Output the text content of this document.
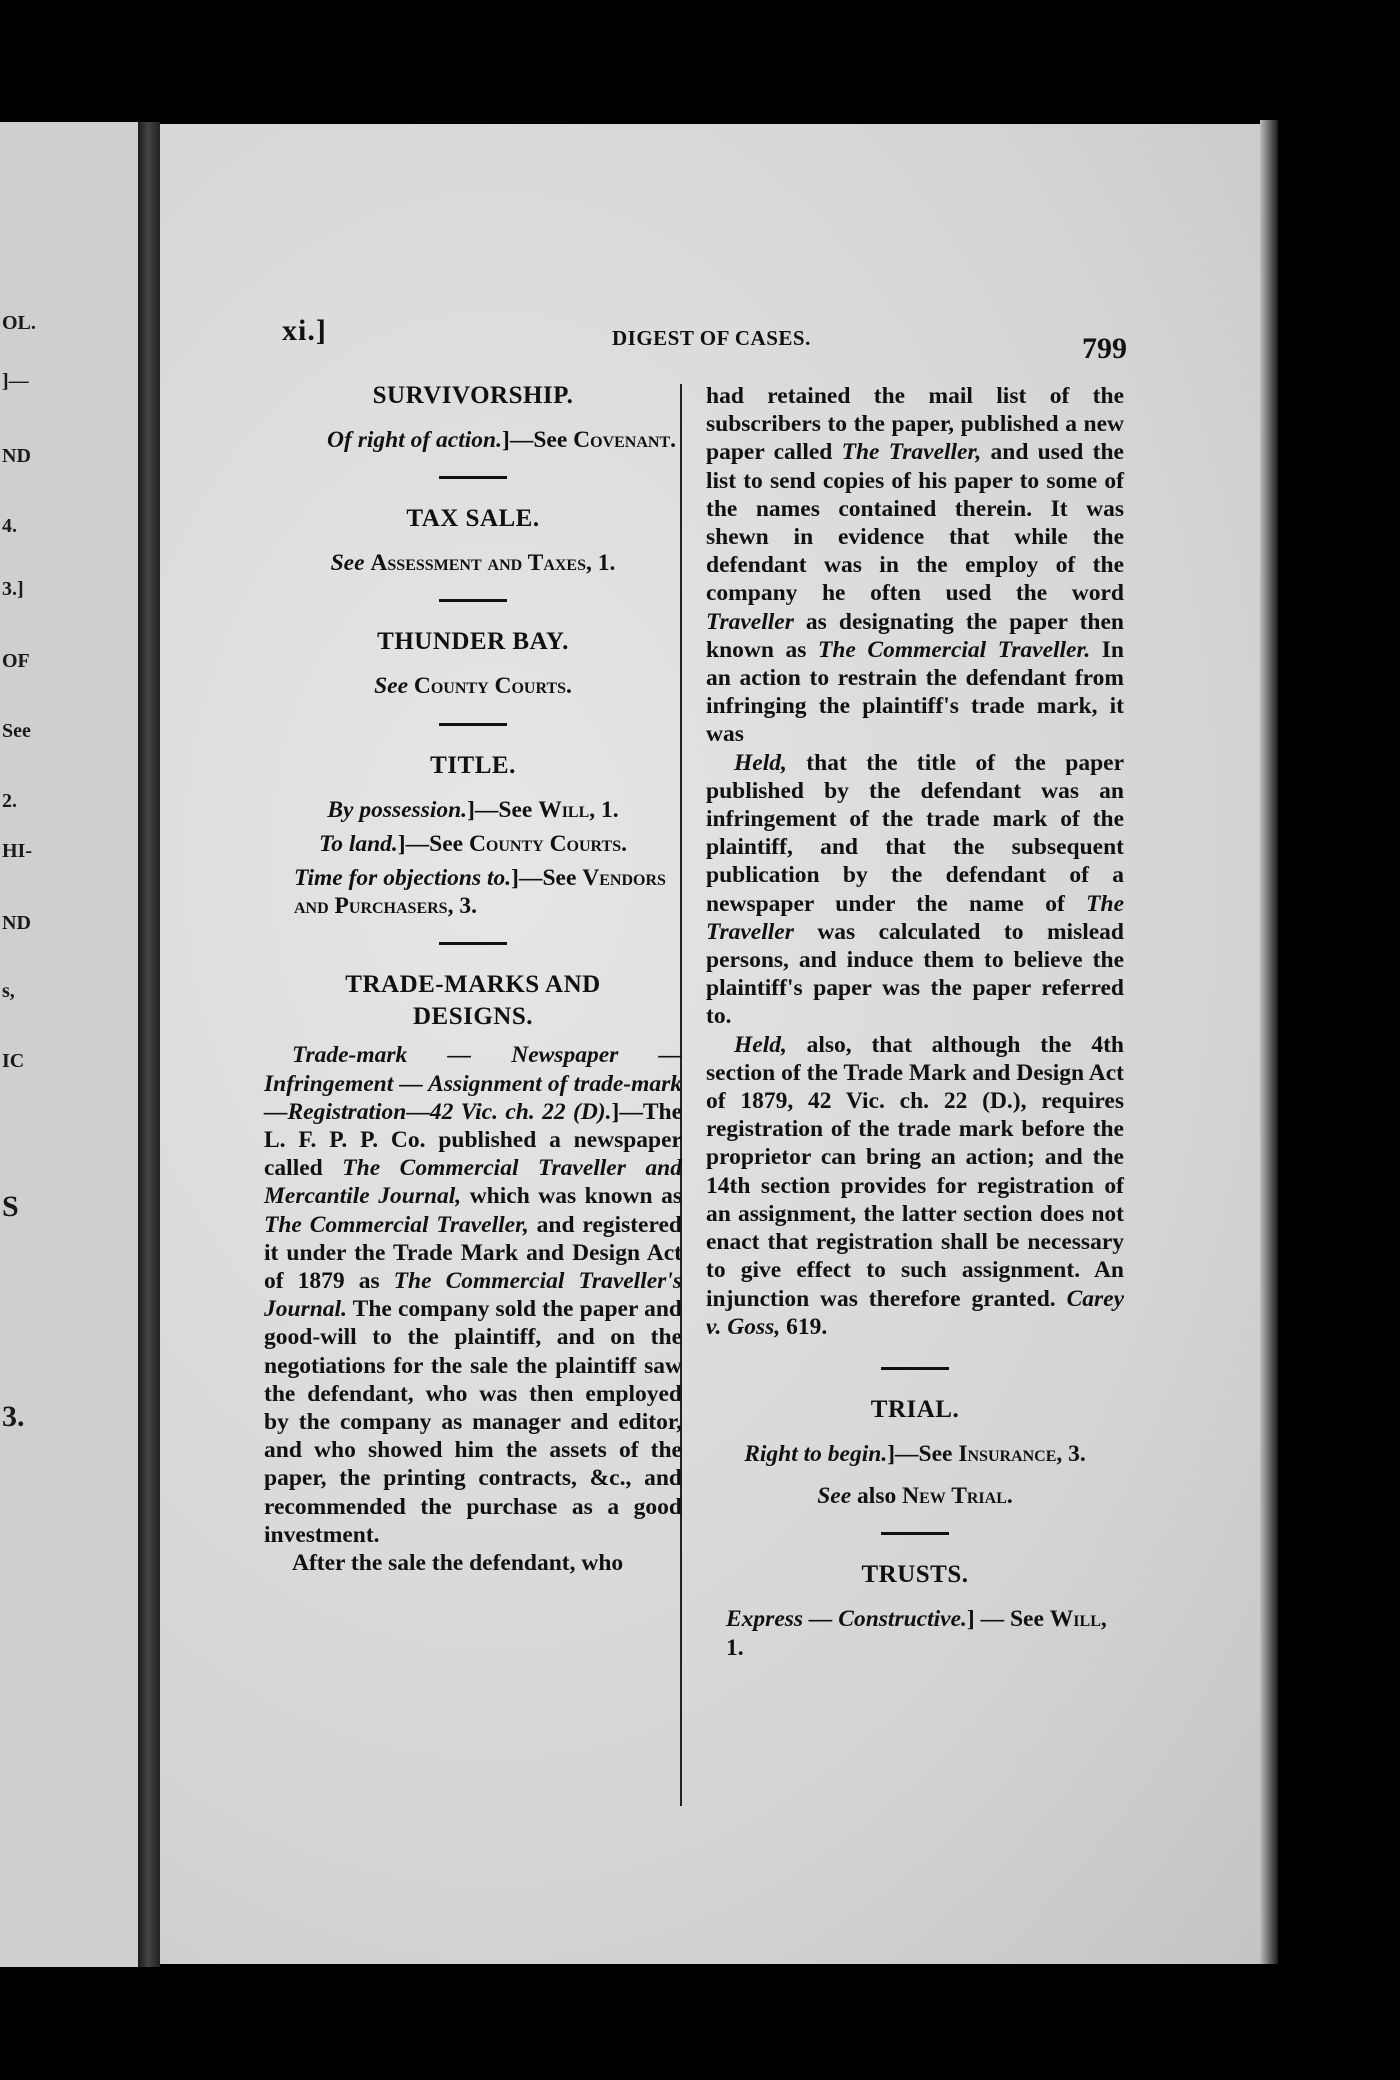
OL.
]—
ND
4.
3.]
OF
See
2.
HI-
ND
s,
IC
S
3.
xi.]	DIGEST OF CASES.	799
SURVIVORSHIP.
Of right of action.]—See Covenant.
TAX SALE.
See Assessment and Taxes, 1.
THUNDER BAY.
See County Courts.
TITLE.
By possession.]—See Will, 1.
To land.]—See County Courts.
Time for objections to.]—See Vendors and Purchasers, 3.
TRADE-MARKS AND
DESIGNS.

Trade-mark — Newspaper — Infringement — Assignment of trade-mark—Registration—42 Vic. ch. 22 (D).]—The L. F. P. P. Co. published a newspaper called The Commercial Traveller and Mercantile Journal, which was known as The Commercial Traveller, and registered it under the Trade Mark and Design Act of 1879 as The Commercial Traveller's Journal. The company sold the paper and good-will to the plaintiff, and on the negotiations for the sale the plaintiff saw the defendant, who was then employed by the company as manager and editor, and who showed him the assets of the paper, the printing contracts, &c., and recommended the purchase as a good investment.

After the sale the defendant, who

had retained the mail list of the subscribers to the paper, published a new paper called The Traveller, and used the list to send copies of his paper to some of the names contained therein. It was shewn in evidence that while the defendant was in the employ of the company he often used the word Traveller as designating the paper then known as The Commercial Traveller. In an action to restrain the defendant from infringing the plaintiff's trade mark, it was

Held, that the title of the paper published by the defendant was an infringement of the trade mark of the plaintiff, and that the subsequent publication by the defendant of a newspaper under the name of The Traveller was calculated to mislead persons, and induce them to believe the plaintiff's paper was the paper referred to.

Held, also, that although the 4th section of the Trade Mark and Design Act of 1879, 42 Vic. ch. 22 (D.), requires registration of the trade mark before the proprietor can bring an action; and the 14th section provides for registration of an assignment, the latter section does not enact that registration shall be necessary to give effect to such assignment. An injunction was therefore granted. Carey v. Goss, 619.

TRIAL.
Right to begin.]—See Insurance, 3.
See also New Trial.
TRUSTS.
Express — Constructive.] — See Will, 1.
